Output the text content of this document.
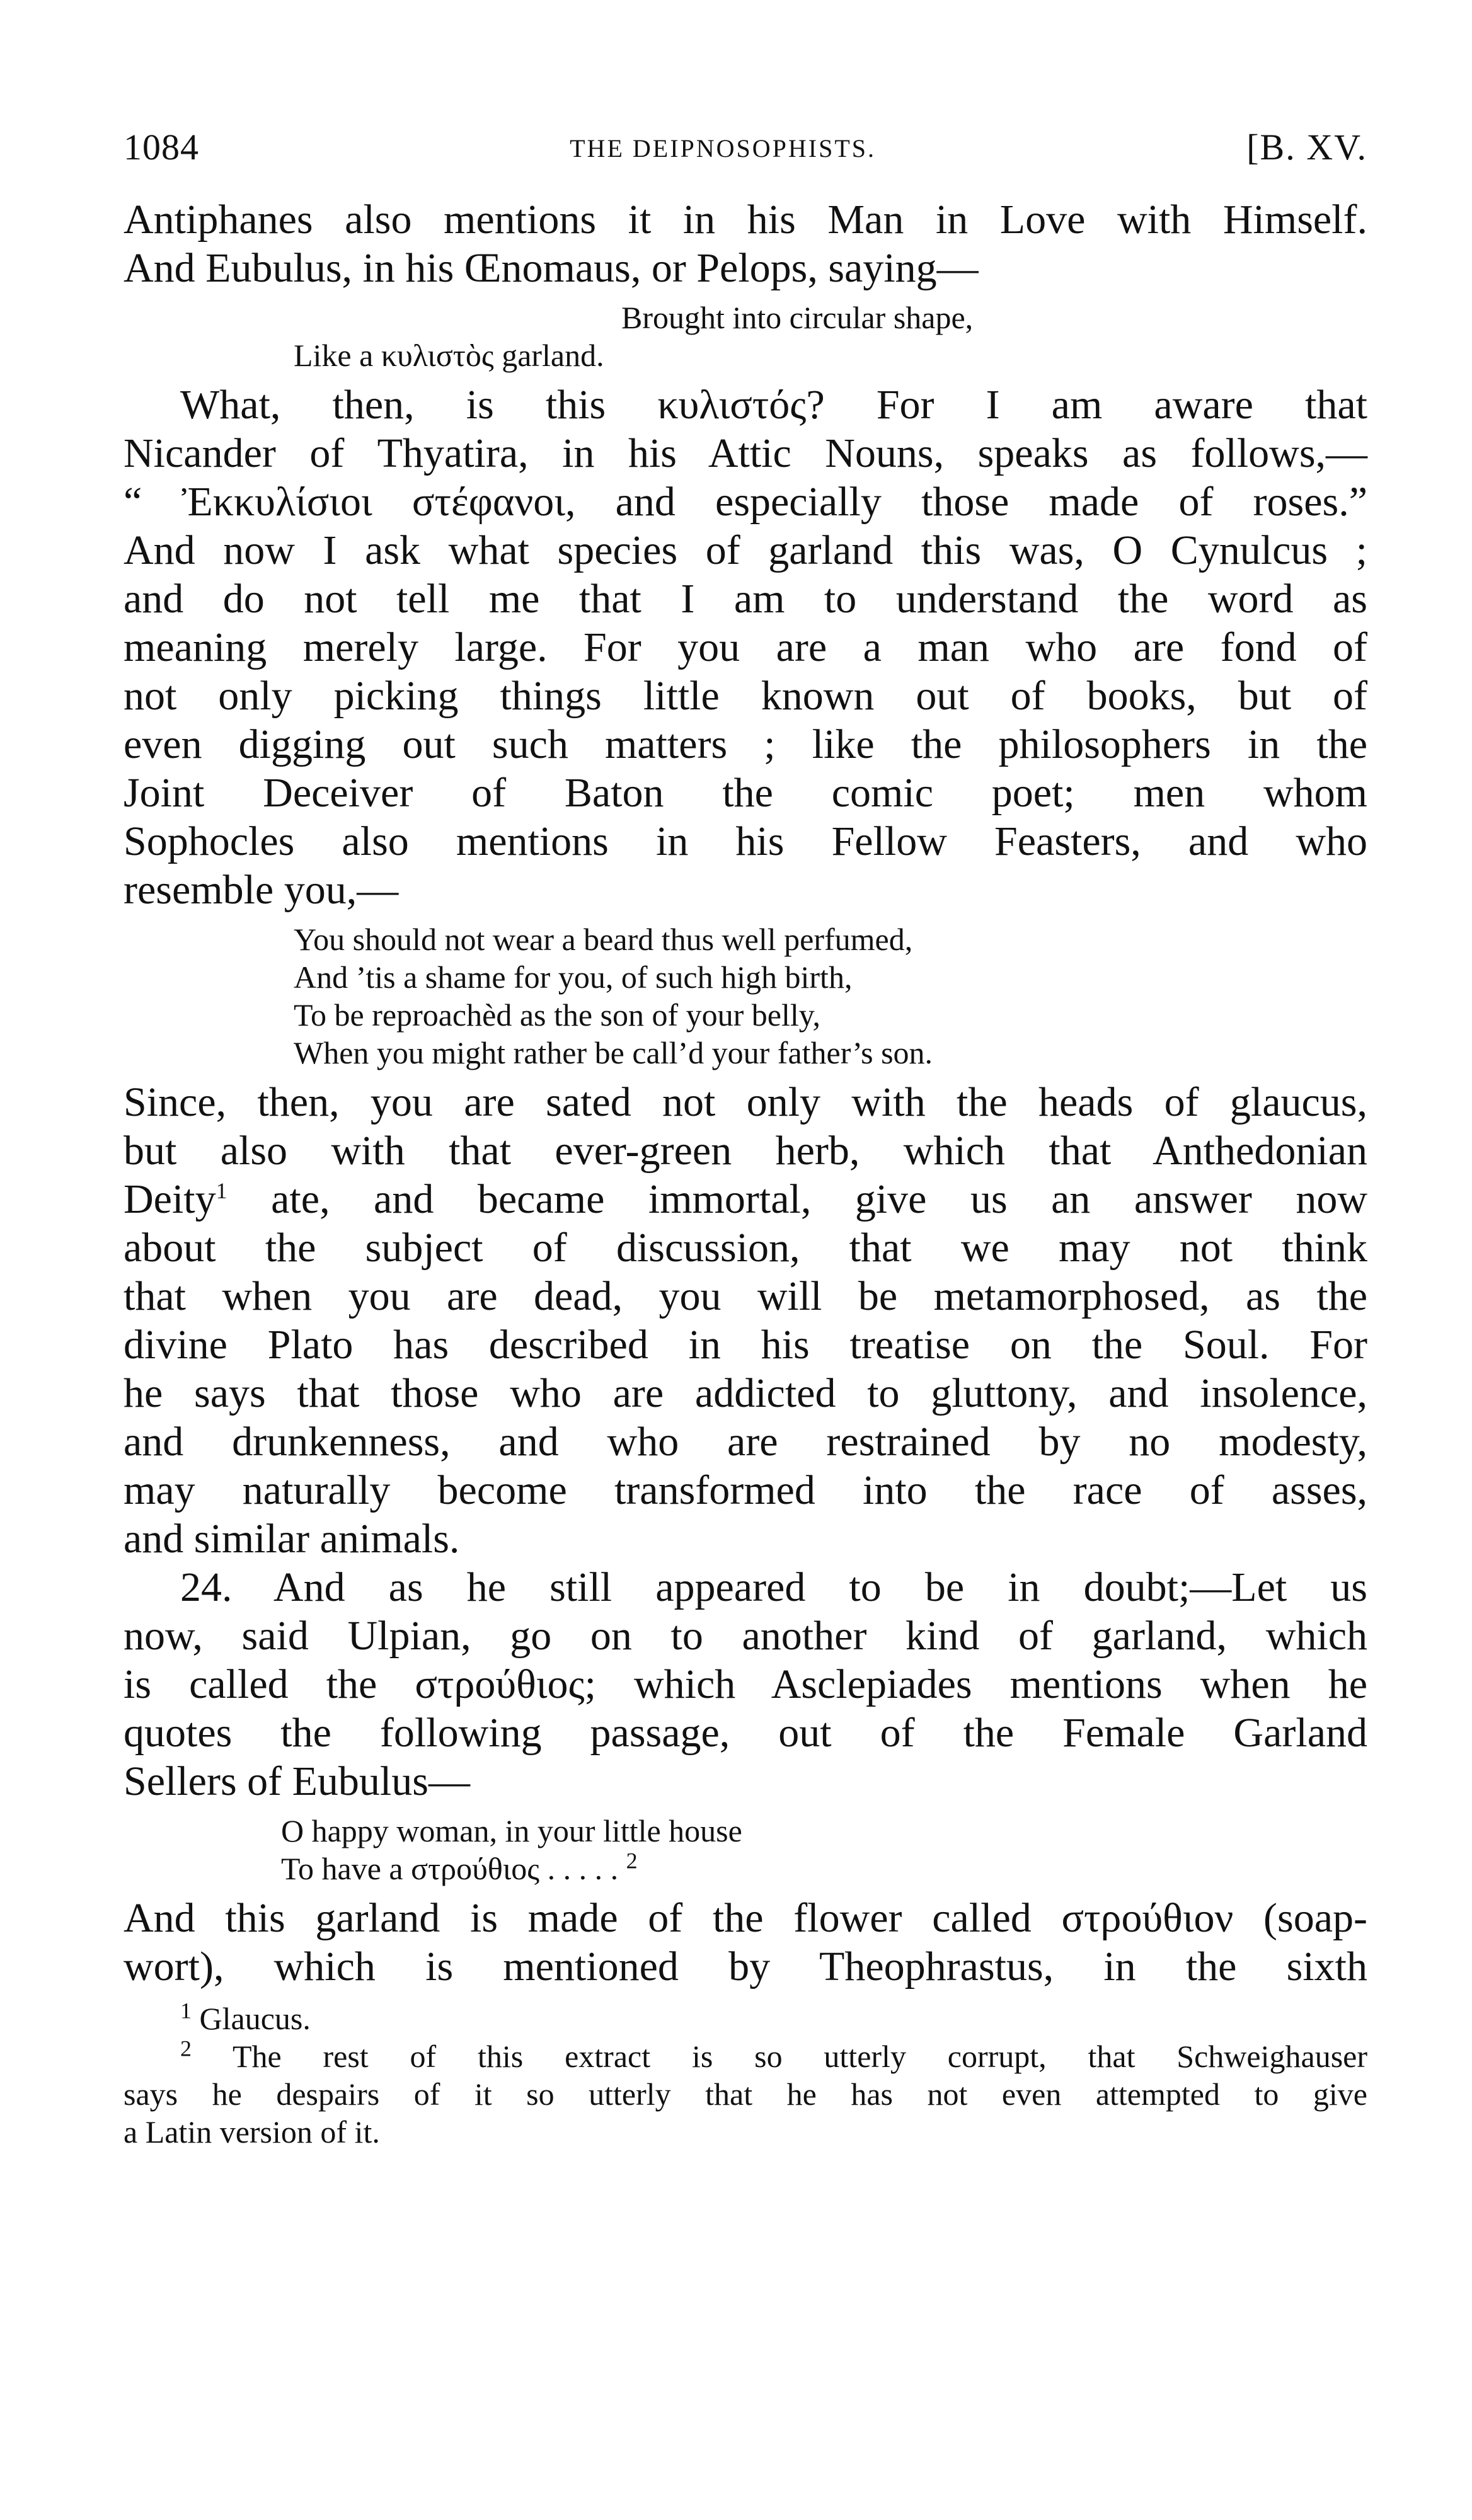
1084	THE DEIPNOSOPHISTS.	[B. XV.

Antiphanes also mentions it in his Man in Love with Himself.

And Eubulus, in his Œnomaus, or Pelops, saying—

Brought into circular shape,
Like a κυλιστὸς garland.

What, then, is this κυλιστός? For I am aware that

Nicander of Thyatira, in his Attic Nouns, speaks as follows,—

“ Ἐκκυλίσιοι στέφανοι, and especially those made of roses.”

And now I ask what species of garland this was, O Cynulcus ;

and do not tell me that I am to understand the word as

meaning merely large. For you are a man who are fond of

not only picking things little known out of books, but of

even digging out such matters ; like the philosophers in the

Joint Deceiver of Baton the comic poet; men whom

Sophocles also mentions in his Fellow Feasters, and who

resemble you,—

You should not wear a beard thus well perfumed,
And ’tis a shame for you, of such high birth,
To be reproachèd as the son of your belly,
When you might rather be call’d your father’s son.

Since, then, you are sated not only with the heads of glaucus,

but also with that ever-green herb, which that Anthedonian

Deity$^1$ ate, and became immortal, give us an answer now

about the subject of discussion, that we may not think

that when you are dead, you will be metamorphosed, as the

divine Plato has described in his treatise on the Soul. For

he says that those who are addicted to gluttony, and insolence,

and drunkenness, and who are restrained by no modesty,

may naturally become transformed into the race of asses,

and similar animals.

24. And as he still appeared to be in doubt;—Let us

now, said Ulpian, go on to another kind of garland, which

is called the στρούθιος; which Asclepiades mentions when he

quotes the following passage, out of the Female Garland

Sellers of Eubulus—

O happy woman, in your little house
To have a στρούθιος . . . . . $^2$

And this garland is made of the flower called στρούθιον (soap-

wort), which is mentioned by Theophrastus, in the sixth

$^1$ Glaucus.
$^2$ The rest of this extract is so utterly corrupt, that Schweighauser
says he despairs of it so utterly that he has not even attempted to give
a Latin version of it.
